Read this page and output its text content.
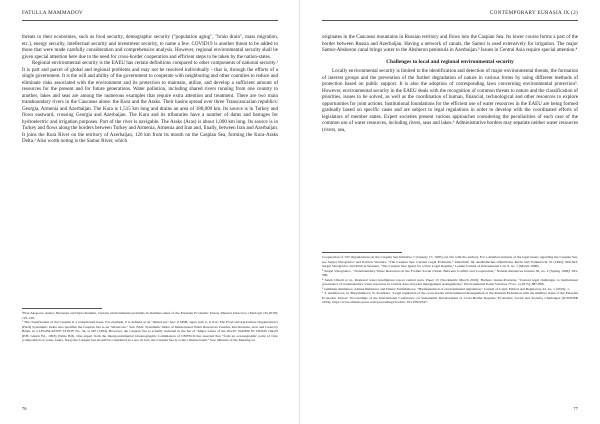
FATULLA MAMMADOV

threats to their economies, such as food security, demographic security ("population aging", "brain drain", mass migration, etc.), energy security, intellectual security and investment security, to name a few. COVID19 is another threat to be added to those that were made carefully consideration and comprehensive analysis. However, regional environmental security shall be given special attention here due to the need for cross-border cooperation and efficient steps to be taken by the nation-states.

Regional environmental security is the EAEU has certain definitions compared to other components of national security.¹ It is part and parcel of global and regional problems and may not be resolved individually - that is, through the efforts of a single government. It is the will and ability of the government to cooperate with neighboring and other countries to reduce and eliminate risks associated with the environment and its protection to maintain, utilize, and develop a sufficient amount of resources for the present and for future generations. Water pollution, including shared rivers running from one country to another, lakes and seas are among the numerous examples that require extra attention and treatment. There are two main transboundary rivers in the Caucasus alone: the Kura and the Araks. Their basins spread over three Transcaucasian republics: Georgia, Armenia and Azerbaijan. The Kura is 1,515 km long and drains an area of 188,000 km. Its source is in Turkey and flows eastward, crossing Georgia and Azerbaijan. The Kura and its tributaries have a number of dams and barrages for hydroelectric and irrigation purposes. Part of the river is navigable. The Araks (Aras) is about 1,000 km long. Its source is in Turkey and flows along the borders between Turkey and Armenia, Armenia and Iran and, finally, between Iran and Azerbaijan. It joins the Kura River on the territory of Azerbaijan, 120 km from its mouth on the Caspian Sea, forming the Kura-Araks Delta.² Also worth noting is the Samur River, which

¹Elaa Akopova, Assiya Nurseupa and Ilyas Kudarin, Current environmental problems in member-states of the Eurasian Economic Union, Zhurnal Zdorovya i Ekologii 18 (2018): 125-139.

² The classification of the Caspian is a complicated issue. For example, it is defined as an "inland sea" See: Z MSB, supra note 2, at 612. The Food and Agriculture Organization's (FAO) Systematic Index also qualifies the Caspian Sea as an "inland sea." See: FAO, Systematic Index of International Water Resources Treaties, Declarations, Acts and Cases by Basin, in 2 LEGISLATIVE STUDY No. 34, at 267 (1984). However, the Caspian Sea is actually included in the list of "Major Lakes of the World" WATER IN CRISIS 164-65 (P.H. Gleick Ed., 1993) (Table B.8). One expert from the Intergovernmental Oceanographic Commission of UNESCO has asserted that "from an oceanographic point of view (composition of water, fauna, flora) the Caspian Sea should be considered as a sea. In fact, the Caspian Sea is a relict marine basin." See: Minutes of the Meeting on

76
CONTEMPORARY EURASIA IX (2)

originates in the Caucasus mountains in Russian territory and flows into the Caspian Sea. Its lower course forms a part of the border between Russia and Azerbaijan. Having a network of canals, the Samur is used extensively for irrigation. The major Samur-Absheron canal brings water to the Absheron peninsula in Azerbaijan.³ Issues in Central Asia require special attention.⁴

Challenges to local and regional environmental security

Locally environmental security is limited to the identification and detection of major environmental threats, the formation of interest groups and the prevention of the further degradation of nature in various forms by using different methods of protection based on public support. It is also the adoption of corresponding laws concerning environmental protection⁵. However, environmental security in the EAEU deals with the recognition of common threats to nature and the classification of priorities, issues to be solved, as well as the coordination of human, financial, technological and other resources to explore opportunities for joint actions. Institutional foundations for the efficient use of water resources in the EAEU are being formed gradually based on specific cases and are subject to legal regulations in order to develop with the coordinated efforts of legislators of member states. Expert societies present various approaches considering the peculiarities of each case of the common use of water resources, including rivers, seas and lakes.⁶ Administrative borders may separate neither water resources (rivers, sea,

Cooperation of UN Organizations in the Caspian Sea Initiative 7 (January 17, 1995) (on file with the author). For a detailed analysis of the legal issues regarding the Caspian Sea, see Sergei Vinogradov and Patricia Wouters, "The Caspian Sea: Current Legal Problems," Zeitschrift für ausländisches öffentliches Recht und Völkerrecht 55 (1995): 604-623; Sergei Vinogradov and Patricia Wouters, "The Caspian Sea: Quest for a New Legal Regime," Leiden Journal of International Law 9, no. 1 (March 1996).

³ Sergei Vinogradov, "Transboundary Water Resources in the Former Soviet Union: Between Conflict and Cooperation," Natural Resources Journal 36, no. 2 (Spring 1996): 393-396.

⁴ Saleh Umedi et al., Regional water intelligence report central Asia, Paper 15 (Stockholm: March 2010); Barbara Janusz-Pawletta, "Current legal challenges to institutional governance of transboundary water resources in Central Asia and joint management arrangements," Environmental Earth Sciences 73 no. 2 (2015): 887-896.

⁵ Galikhan Akhmetov, Aidana Bekbaeva and Dinara Temirbekova, "Harmonization of environmental legislation," Journal of Legal, Ethical and Regulatory 22, no. 1 (2019): 1.

⁶ T. Antsiferova, O. Buryshnikova, N. Kondrina, "Legal regulation of the cross-border environmental management of the Russian Federation with the member states of the Eurasian Economic Union," Proceedings of the International Conference on Sustainable Development of Cross-Border Regions: Economic, Social and Security Challenges (ICSDCBR 2019), https://www.atlantis-press.com/proceedings/icsdcbr-19/125922347.

77
